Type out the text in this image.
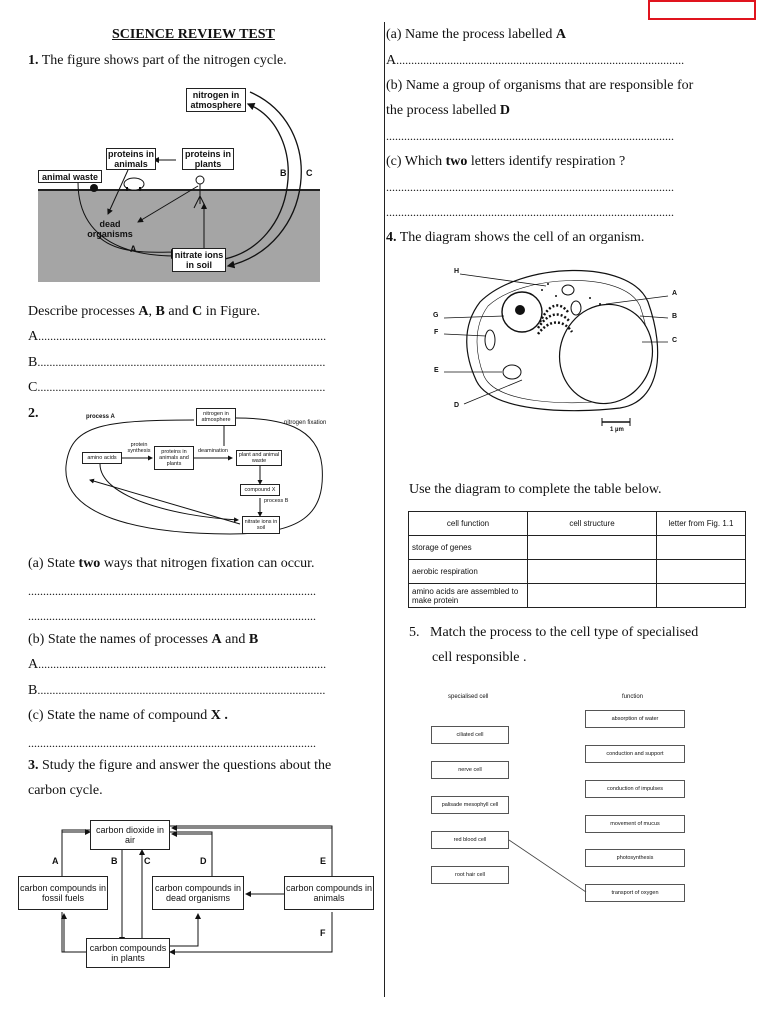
SCIENCE REVIEW TEST
1. The figure shows part of the nitrogen cycle.
nitrogen in atmosphere
proteins in animals
proteins in plants
animal waste
dead organisms
nitrate ions in soil
A
B C
Describe processes A, B and C in Figure.
A................................................................................................
B................................................................................................
C................................................................................................
2.	process A	nitrogen in atmosphere	nitrogen fixation
protein synthesis
amino acids
proteins in animals and plants
deamination
plant and animal waste
compound X
process B
nitrate ions in soil
(a) State two ways that nitrogen fixation can occur.
................................................................................................
................................................................................................
(b) State the names of processes A and B
A................................................................................................
B................................................................................................
(c) State the name of compound X .
................................................................................................
3. Study the figure and answer the questions about the
carbon cycle.
carbon dioxide in air
carbon compounds in fossil fuels
carbon compounds in dead organisms
carbon compounds in animals
carbon compounds in plants
A	B	C	D	E
F
(a) Name the process labelled A
A................................................................................................
(b) Name a group of organisms that are responsible for
the process labelled D
................................................................................................
(c) Which two letters identify respiration ?
................................................................................................
................................................................................................
4. The diagram shows the cell of an organism.
H
G
F
E
D
A
B
C
1 µm
Use the diagram to complete the table below.
cell function	cell structure	letter from Fig. 1.1
storage of genes		
aerobic respiration		
amino acids are assembled to make protein		
5. Match the process to the cell type of specialised
cell responsible .
specialised cell	function
ciliated cell
nerve cell
palisade mesophyll cell
red blood cell
root hair cell
absorption of water
conduction and support
conduction of impulses
movement of mucus
photosynthesis
transport of oxygen
